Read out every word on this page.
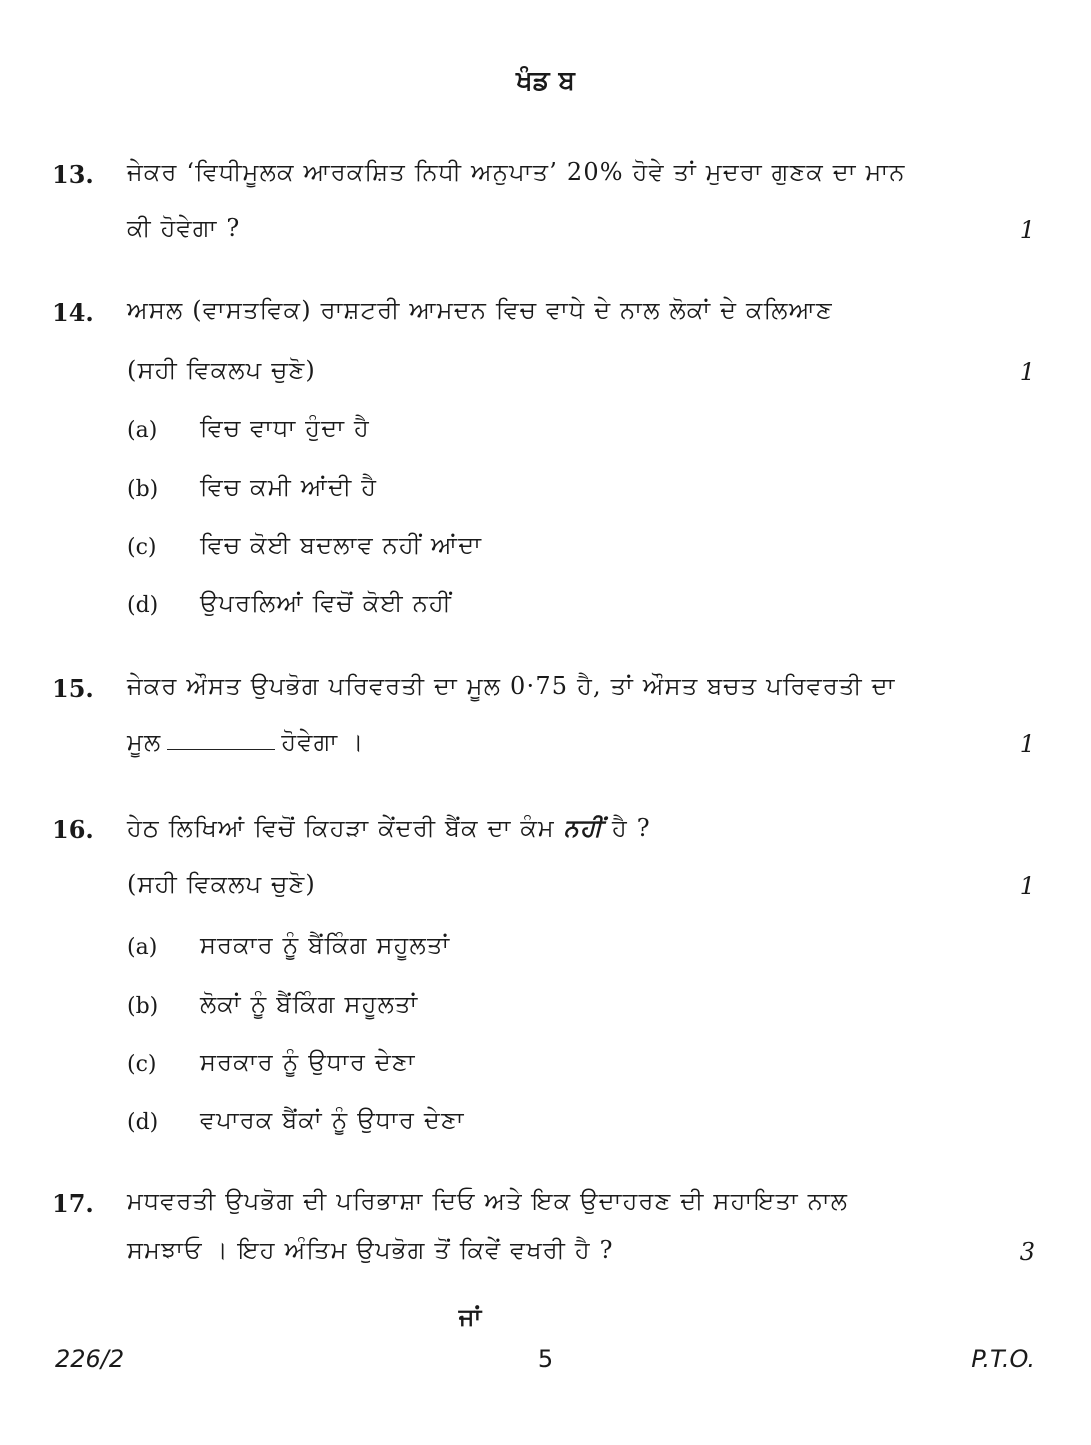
ਖੰਡ ਬ
13.	ਜੇਕਰ ‘ਵਿਧੀਮੂਲਕ ਆਰਕਸ਼ਿਤ ਨਿਧੀ ਅਨੁਪਾਤ’ 20% ਹੋਵੇ ਤਾਂ ਮੁਦਰਾ ਗੁਣਕ ਦਾ ਮਾਨ
ਕੀ ਹੋਵੇਗਾ ?	1
14.	ਅਸਲ (ਵਾਸਤਵਿਕ) ਰਾਸ਼ਟਰੀ ਆਮਦਨ ਵਿਚ ਵਾਧੇ ਦੇ ਨਾਲ ਲੋਕਾਂ ਦੇ ਕਲਿਆਣ
(ਸਹੀ ਵਿਕਲਪ ਚੁਣੋ)	1
(a) ਵਿਚ ਵਾਧਾ ਹੁੰਦਾ ਹੈ
(b) ਵਿਚ ਕਮੀ ਆਂਦੀ ਹੈ
(c) ਵਿਚ ਕੋਈ ਬਦਲਾਵ ਨਹੀਂ ਆਂਦਾ
(d) ਉਪਰਲਿਆਂ ਵਿਚੋਂ ਕੋਈ ਨਹੀਂ
15.	ਜੇਕਰ ਔਸਤ ਉਪਭੋਗ ਪਰਿਵਰਤੀ ਦਾ ਮੂਲ 0·75 ਹੈ, ਤਾਂ ਔਸਤ ਬਚਤ ਪਰਿਵਰਤੀ ਦਾ
ਮੂਲ	ਹੋਵੇਗਾ ।	1
16.	ਹੇਠ ਲਿਖਿਆਂ ਵਿਚੋਂ ਕਿਹੜਾ ਕੇਂਦਰੀ ਬੈਂਕ ਦਾ ਕੰਮ ਨਹੀਂ ਹੈ ?
(ਸਹੀ ਵਿਕਲਪ ਚੁਣੋ)	1
(a) ਸਰਕਾਰ ਨੂੰ ਬੈਂਕਿੰਗ ਸਹੂਲਤਾਂ
(b) ਲੋਕਾਂ ਨੂੰ ਬੈਂਕਿੰਗ ਸਹੂਲਤਾਂ
(c) ਸਰਕਾਰ ਨੂੰ ਉਧਾਰ ਦੇਣਾ
(d) ਵਪਾਰਕ ਬੈਂਕਾਂ ਨੂੰ ਉਧਾਰ ਦੇਣਾ
17.	ਮਧਵਰਤੀ ਉਪਭੋਗ ਦੀ ਪਰਿਭਾਸ਼ਾ ਦਿਓ ਅਤੇ ਇਕ ਉਦਾਹਰਣ ਦੀ ਸਹਾਇਤਾ ਨਾਲ
ਸਮਝਾਓ । ਇਹ ਅੰਤਿਮ ਉਪਭੋਗ ਤੋਂ ਕਿਵੇਂ ਵਖਰੀ ਹੈ ?	3
ਜਾਂ
226/2	5	P.T.O.
